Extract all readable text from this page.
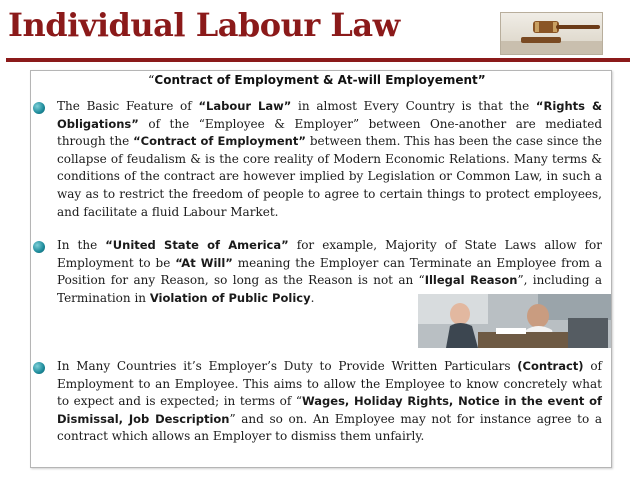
Individual Labour Law
“Contract of Employment & At-will Employement”
The Basic Feature of “Labour Law” in almost Every Country is that the “Rights & Obligations” of the “Employee & Employer” between One-another are mediated through the “Contract of Employment” between them. This has been the case since the collapse of feudalism & is the core reality of Modern Economic Relations. Many terms & conditions of the contract are however implied by Legislation or Common Law, in such a way as to restrict the freedom of people to agree to certain things to protect employees, and facilitate a fluid Labour Market.
In the “United State of America” for example, Majority of State Laws allow for Employment to be “At Will” meaning the Employer can Terminate an Employee from a Position for any Reason, so long as the Reason is not an “Illegal Reason”, including a Termination in Violation of Public Policy.
In Many Countries it’s Employer’s Duty to Provide Written Particulars (Contract) of Employment to an Employee. This aims to allow the Employee to know concretely what to expect and is expected; in terms of “Wages, Holiday Rights, Notice in the event of Dismissal, Job Description” and so on. An Employee may not for instance agree to a contract which allows an Employer to dismiss them unfairly.
